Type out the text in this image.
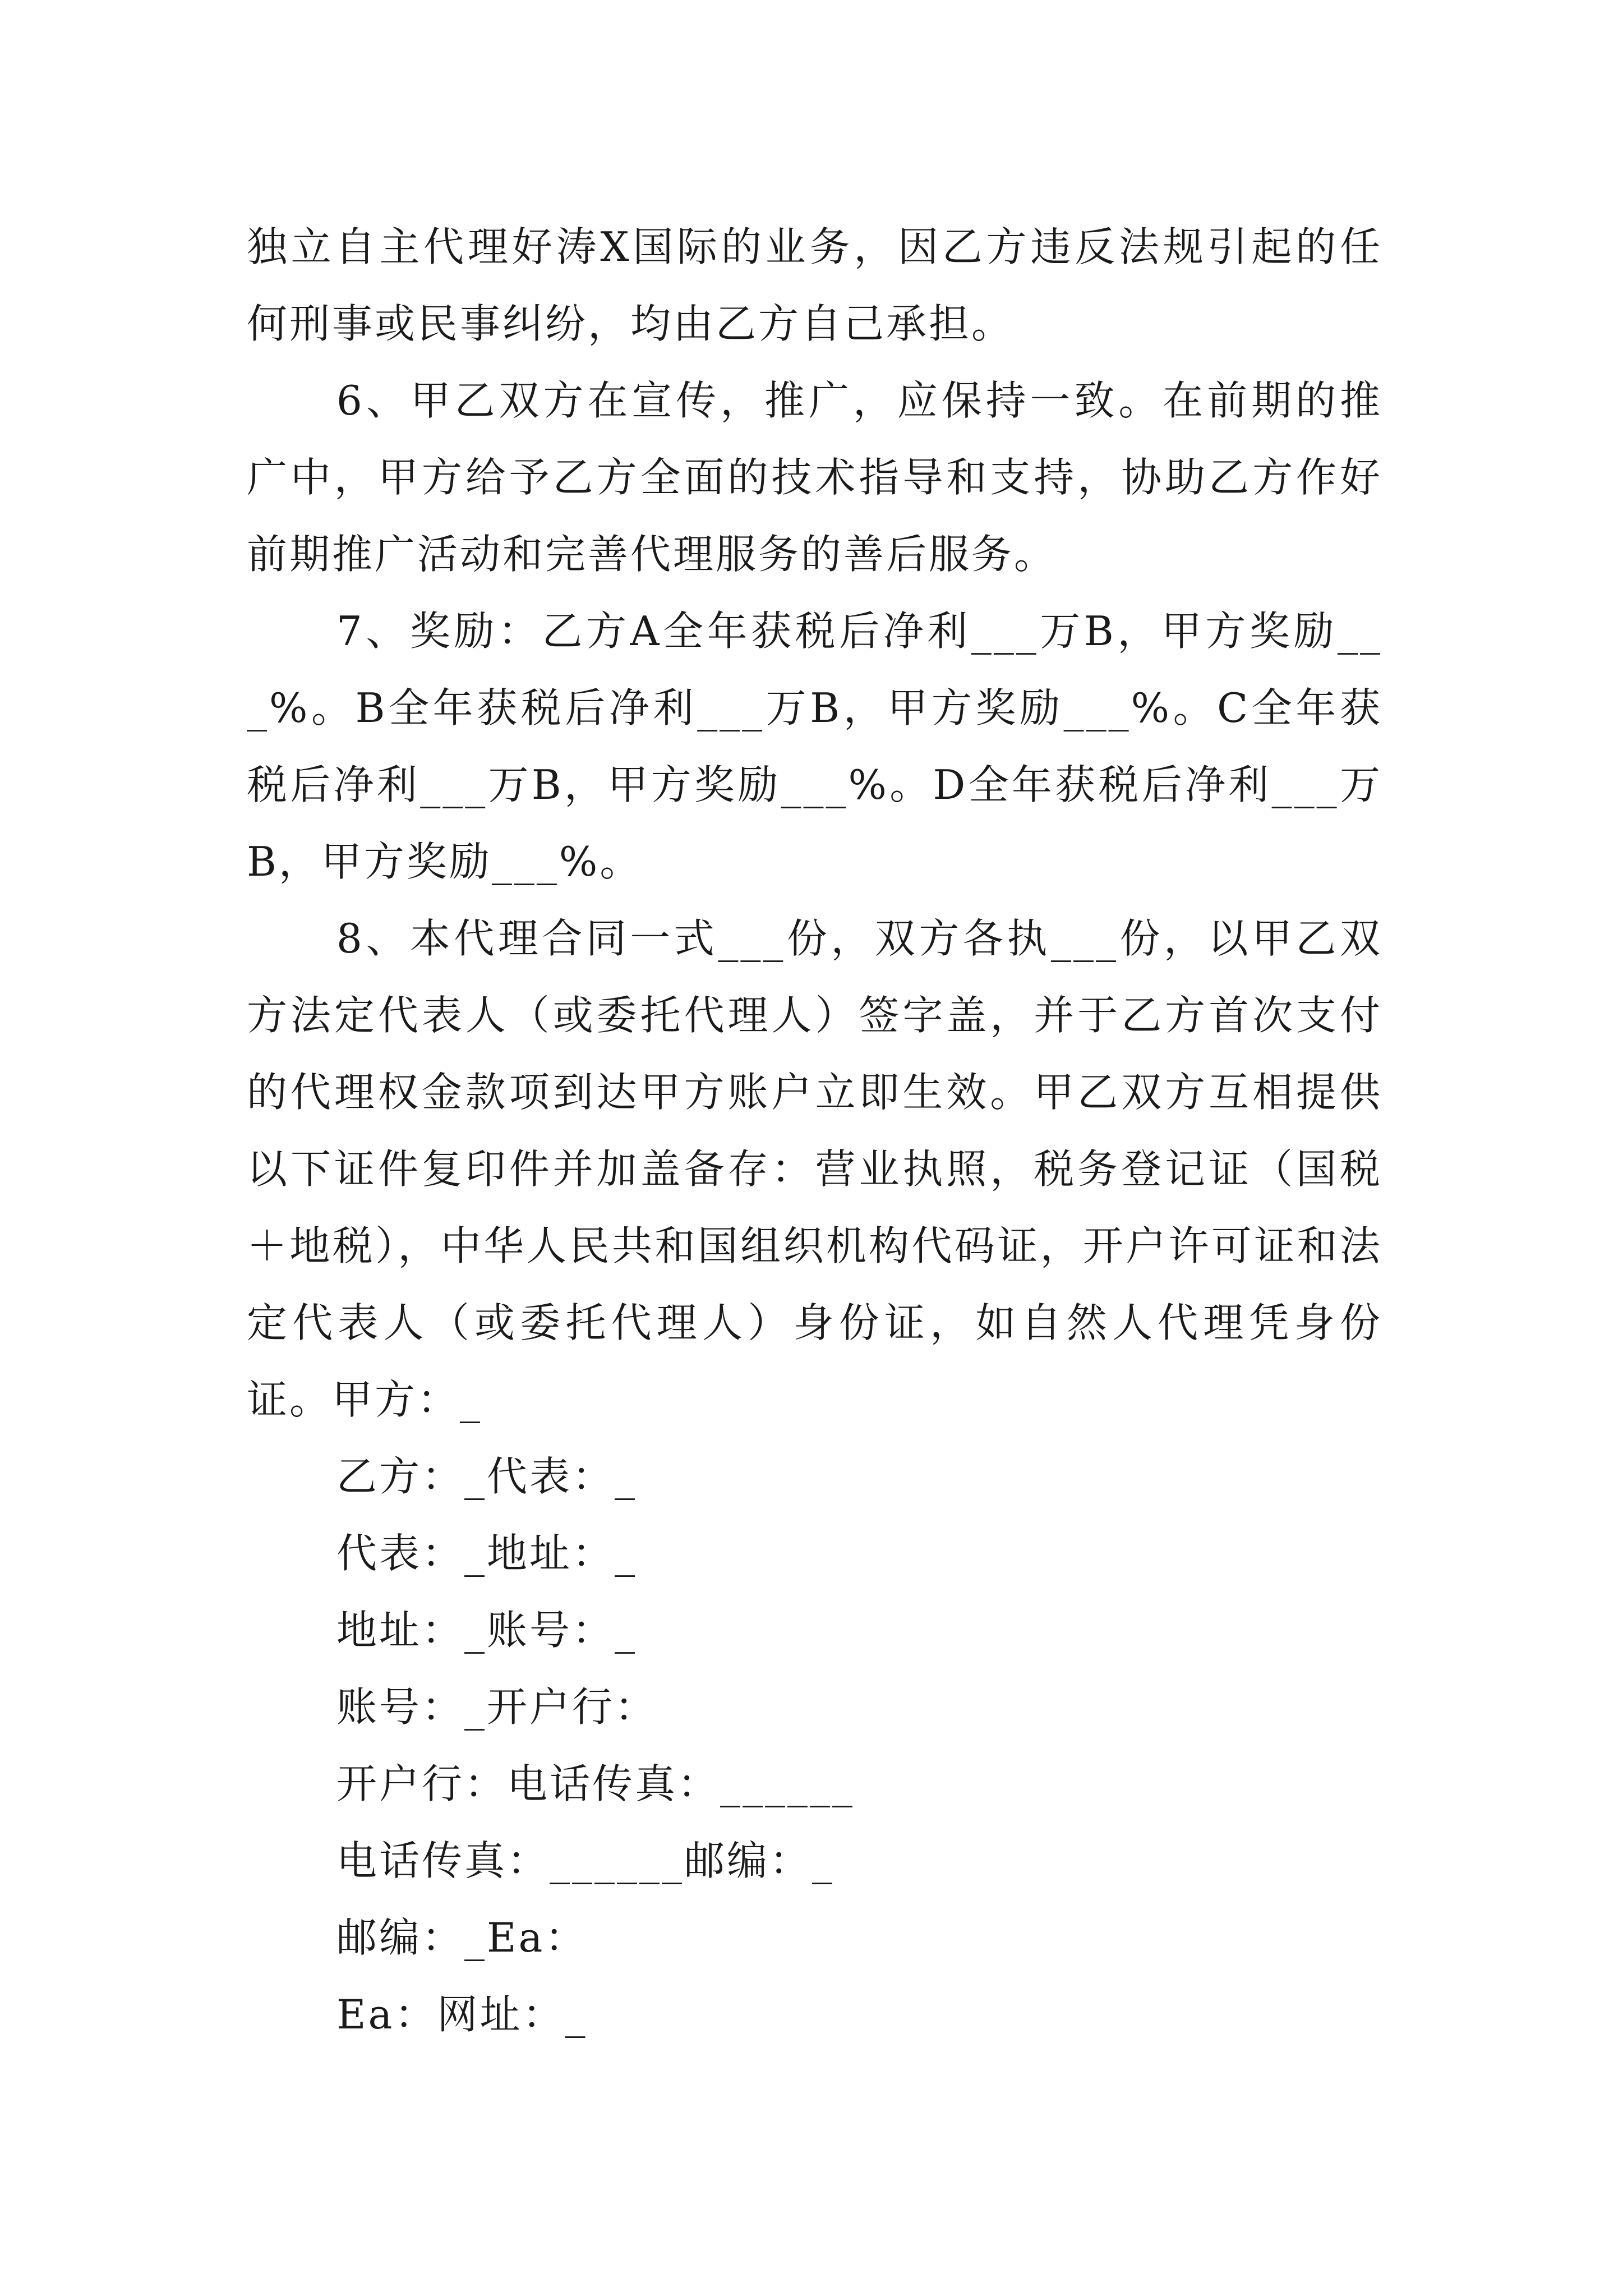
独立自主代理好涛X国际的业务，因乙方违反法规引起的任何刑事或民事纠纷，均由乙方自己承担。

6、甲乙双方在宣传，推广，应保持一致。在前期的推广中，甲方给予乙方全面的技术指导和支持，协助乙方作好前期推广活动和完善代理服务的善后服务。

7、奖励：乙方A全年获税后净利___万B，甲方奖励___%。B全年获税后净利___万B，甲方奖励___%。C全年获税后净利___万B，甲方奖励___%。D全年获税后净利___万B，甲方奖励___%。

8、本代理合同一式___份，双方各执___份，以甲乙双方法定代表人（或委托代理人）签字盖，并于乙方首次支付的代理权金款项到达甲方账户立即生效。甲乙双方互相提供以下证件复印件并加盖备存：营业执照，税务登记证（国税＋地税），中华人民共和国组织机构代码证，开户许可证和法定代表人（或委托代理人）身份证，如自然人代理凭身份证。甲方：_

乙方：_代表：_

代表：_地址：_

地址：_账号：_

账号：_开户行：

开户行：电话传真：______

电话传真：______邮编：_

邮编：_Ea：

Ea：网址：_
